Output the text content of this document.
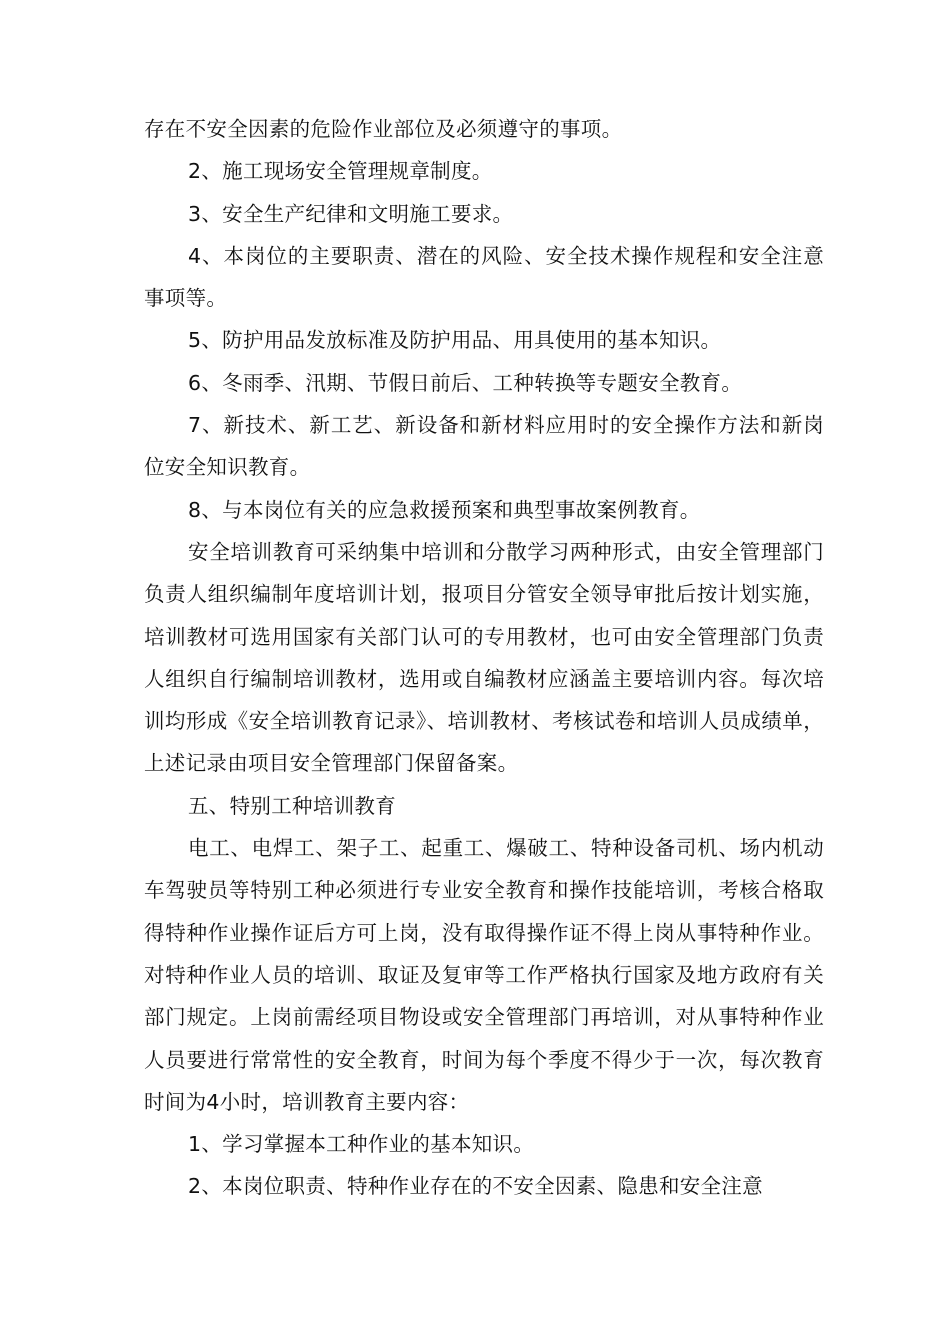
存在不安全因素的危险作业部位及必须遵守的事项。

2、施工现场安全管理规章制度。

3、安全生产纪律和文明施工要求。

4、本岗位的主要职责、潜在的风险、安全技术操作规程和安全注意事项等。

5、防护用品发放标准及防护用品、用具使用的基本知识。

6、冬雨季、汛期、节假日前后、工种转换等专题安全教育。

7、新技术、新工艺、新设备和新材料应用时的安全操作方法和新岗位安全知识教育。

8、与本岗位有关的应急救援预案和典型事故案例教育。

安全培训教育可采纳集中培训和分散学习两种形式，由安全管理部门负责人组织编制年度培训计划，报项目分管安全领导审批后按计划实施，培训教材可选用国家有关部门认可的专用教材，也可由安全管理部门负责人组织自行编制培训教材，选用或自编教材应涵盖主要培训内容。每次培训均形成《安全培训教育记录》、培训教材、考核试卷和培训人员成绩单，上述记录由项目安全管理部门保留备案。

五、特别工种培训教育

电工、电焊工、架子工、起重工、爆破工、特种设备司机、场内机动车驾驶员等特别工种必须进行专业安全教育和操作技能培训，考核合格取得特种作业操作证后方可上岗，没有取得操作证不得上岗从事特种作业。对特种作业人员的培训、取证及复审等工作严格执行国家及地方政府有关部门规定。上岗前需经项目物设或安全管理部门再培训，对从事特种作业人员要进行常常性的安全教育，时间为每个季度不得少于一次，每次教育时间为4小时，培训教育主要内容：

1、学习掌握本工种作业的基本知识。

2、本岗位职责、特种作业存在的不安全因素、隐患和安全注意
